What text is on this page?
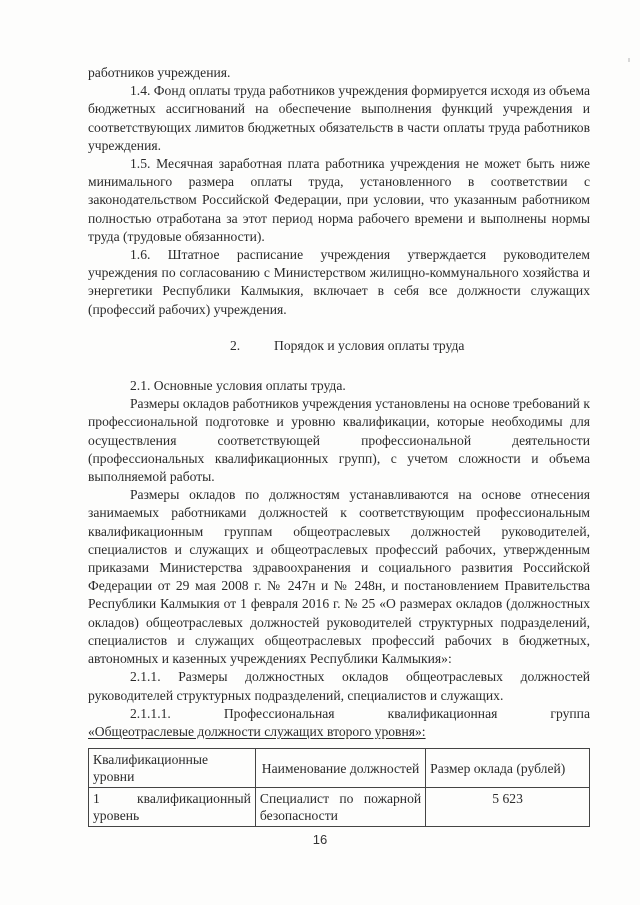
работников учреждения.

1.4. Фонд оплаты труда работников учреждения формируется исходя из объема бюджетных ассигнований на обеспечение выполнения функций учреждения и соответствующих лимитов бюджетных обязательств в части оплаты труда работников учреждения.

1.5. Месячная заработная плата работника учреждения не может быть ниже минимального размера оплаты труда, установленного в соответствии с законодательством Российской Федерации, при условии, что указанным работником полностью отработана за этот период норма рабочего времени и выполнены нормы труда (трудовые обязанности).

1.6. Штатное расписание учреждения утверждается руководителем учреждения по согласованию с Министерством жилищно-коммунального хозяйства и энергетики Республики Калмыкия, включает в себя все должности служащих (профессий рабочих) учреждения.

2. Порядок и условия оплаты труда

2.1. Основные условия оплаты труда.

Размеры окладов работников учреждения установлены на основе требований к профессиональной подготовке и уровню квалификации, которые необходимы для осуществления соответствующей профессиональной деятельности (профессиональных квалификационных групп), с учетом сложности и объема выполняемой работы.

Размеры окладов по должностям устанавливаются на основе отнесения занимаемых работниками должностей к соответствующим профессиональным квалификационным группам общеотраслевых должностей руководителей, специалистов и служащих и общеотраслевых профессий рабочих, утвержденным приказами Министерства здравоохранения и социального развития Российской Федерации от 29 мая 2008 г. № 247н и № 248н, и постановлением Правительства Республики Калмыкия от 1 февраля 2016 г. № 25 «О размерах окладов (должностных окладов) общеотраслевых должностей руководителей структурных подразделений, специалистов и служащих общеотраслевых профессий рабочих в бюджетных, автономных и казенных учреждениях Республики Калмыкия»:

2.1.1. Размеры должностных окладов общеотраслевых должностей руководителей структурных подразделений, специалистов и служащих.

2.1.1.1. Профессиональная квалификационная группа

«Общеотраслевые должности служащих второго уровня»:

Квалификационные уровни	Наименование должностей	Размер оклада (рублей)
1 квалификационный уровень	Специалист по пожарной безопасности	5 623
16
